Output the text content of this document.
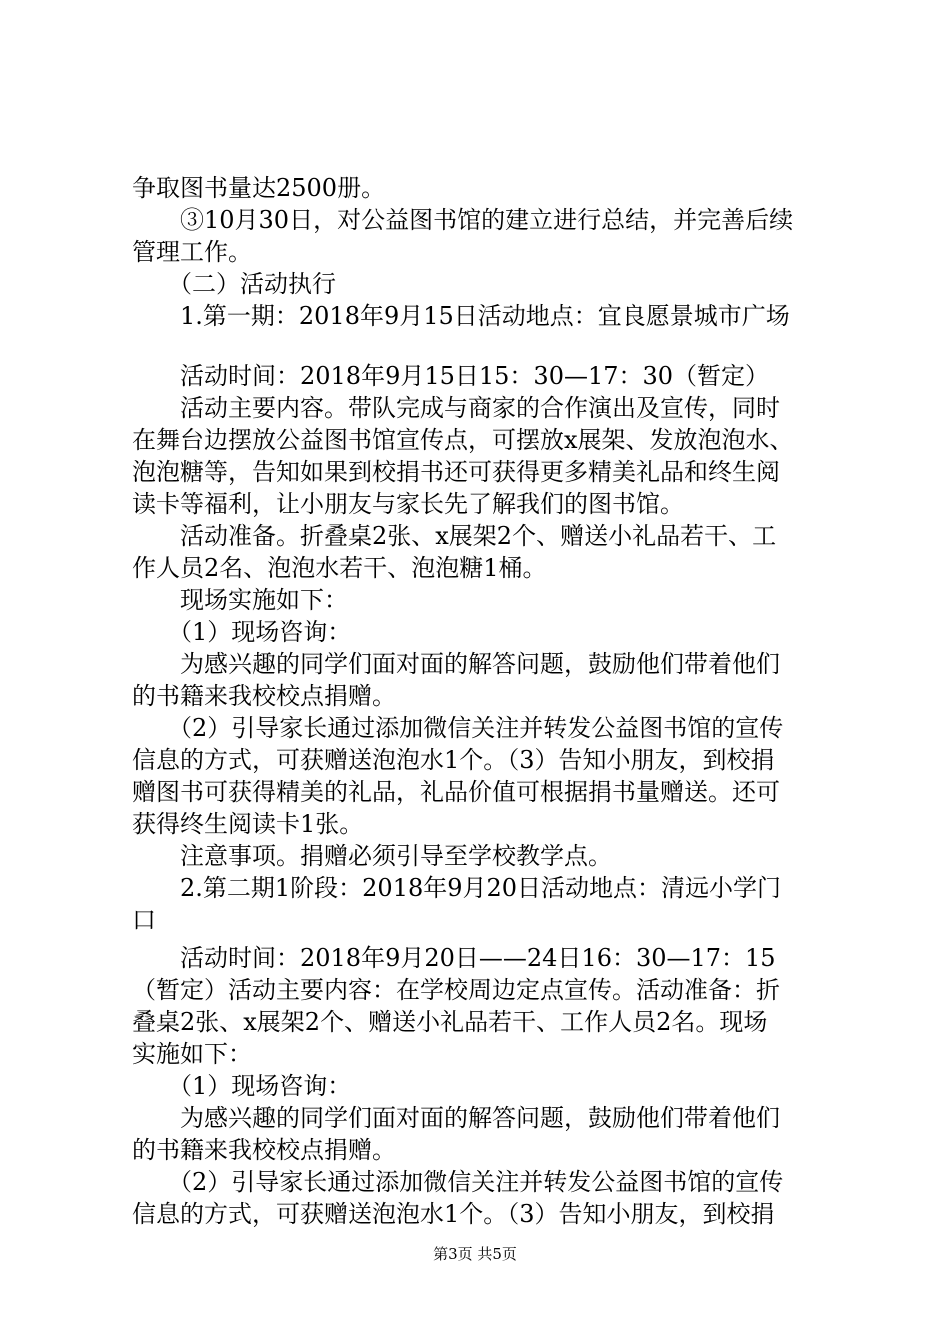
争取图书量达2500册。
　　③10月30日，对公益图书馆的建立进行总结，并完善后续
管理工作。
　　（二）活动执行
　　1.第一期：2018年9月15日活动地点：宜良愿景城市广场
　　活动时间：2018年9月15日15：30—17：30（暂定）
　　活动主要内容。带队完成与商家的合作演出及宣传，同时
在舞台边摆放公益图书馆宣传点，可摆放x展架、发放泡泡水、
泡泡糖等，告知如果到校捐书还可获得更多精美礼品和终生阅
读卡等福利，让小朋友与家长先了解我们的图书馆。
　　活动准备。折叠桌2张、x展架2个、赠送小礼品若干、工
作人员2名、泡泡水若干、泡泡糖1桶。
　　现场实施如下：
　　（1）现场咨询：
　　为感兴趣的同学们面对面的解答问题，鼓励他们带着他们
的书籍来我校校点捐赠。
　　（2）引导家长通过添加微信关注并转发公益图书馆的宣传
信息的方式，可获赠送泡泡水1个。（3）告知小朋友，到校捐
赠图书可获得精美的礼品，礼品价值可根据捐书量赠送。还可
获得终生阅读卡1张。
　　注意事项。捐赠必须引导至学校教学点。
　　2.第二期1阶段：2018年9月20日活动地点：清远小学门
口
　　活动时间：2018年9月20日——24日16：30—17：15
（暂定）活动主要内容：在学校周边定点宣传。活动准备：折
叠桌2张、x展架2个、赠送小礼品若干、工作人员2名。现场
实施如下：
　　（1）现场咨询：
　　为感兴趣的同学们面对面的解答问题，鼓励他们带着他们
的书籍来我校校点捐赠。
　　（2）引导家长通过添加微信关注并转发公益图书馆的宣传
信息的方式，可获赠送泡泡水1个。（3）告知小朋友，到校捐
第3页 共5页
